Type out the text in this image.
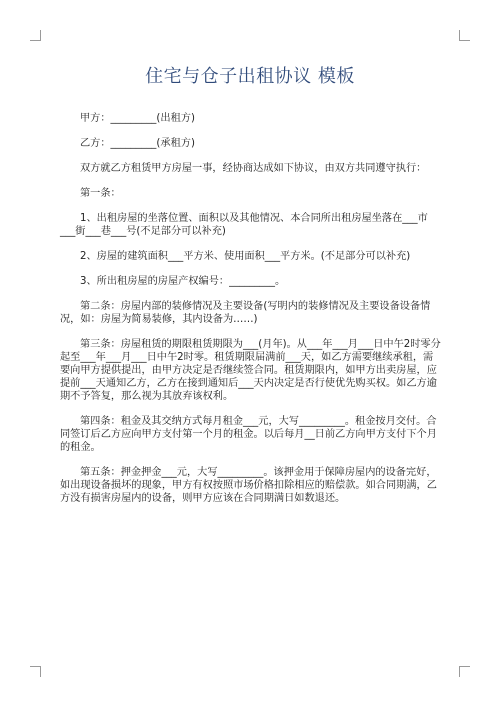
住宅与仓子出租协议 模板

甲方：_________(出租方)

乙方：_________(承租方)

双方就乙方租赁甲方房屋一事，经协商达成如下协议，由双方共同遵守执行：

第一条：

1、出租房屋的坐落位置、面积以及其他情况、本合同所出租房屋坐落在___市___街___巷___号(不足部分可以补充)

2、房屋的建筑面积___平方米、使用面积___平方米。(不足部分可以补充)

3、所出租房屋的房屋产权编号：_________。

第二条：房屋内部的装修情况及主要设备(写明内的装修情况及主要设备设备情况，如：房屋为简易装修，其内设备为……)

第三条：房屋租赁的期限租赁期限为___(月年)。从___年___月___日中午2时零分起至___年___月___日中午2时零。租赁期限届满前___天，如乙方需要继续承租，需要向甲方提供提出，由甲方决定是否继续签合同。租赁期限内，如甲方出卖房屋，应提前___天通知乙方，乙方在接到通知后___天内决定是否行使优先购买权。如乙方逾期不予答复，那么视为其放弃该权利。

第四条：租金及其交纳方式每月租金___元，大写_________。租金按月交付。合同签订后乙方应向甲方支付第一个月的租金。以后每月__日前乙方向甲方支付下个月的租金。

第五条：押金押金___元，大写_________。该押金用于保障房屋内的设备完好，如出现设备损坏的现象，甲方有权按照市场价格扣除相应的赔偿款。如合同期满，乙方没有损害房屋内的设备，则甲方应该在合同期满日如数退还。
